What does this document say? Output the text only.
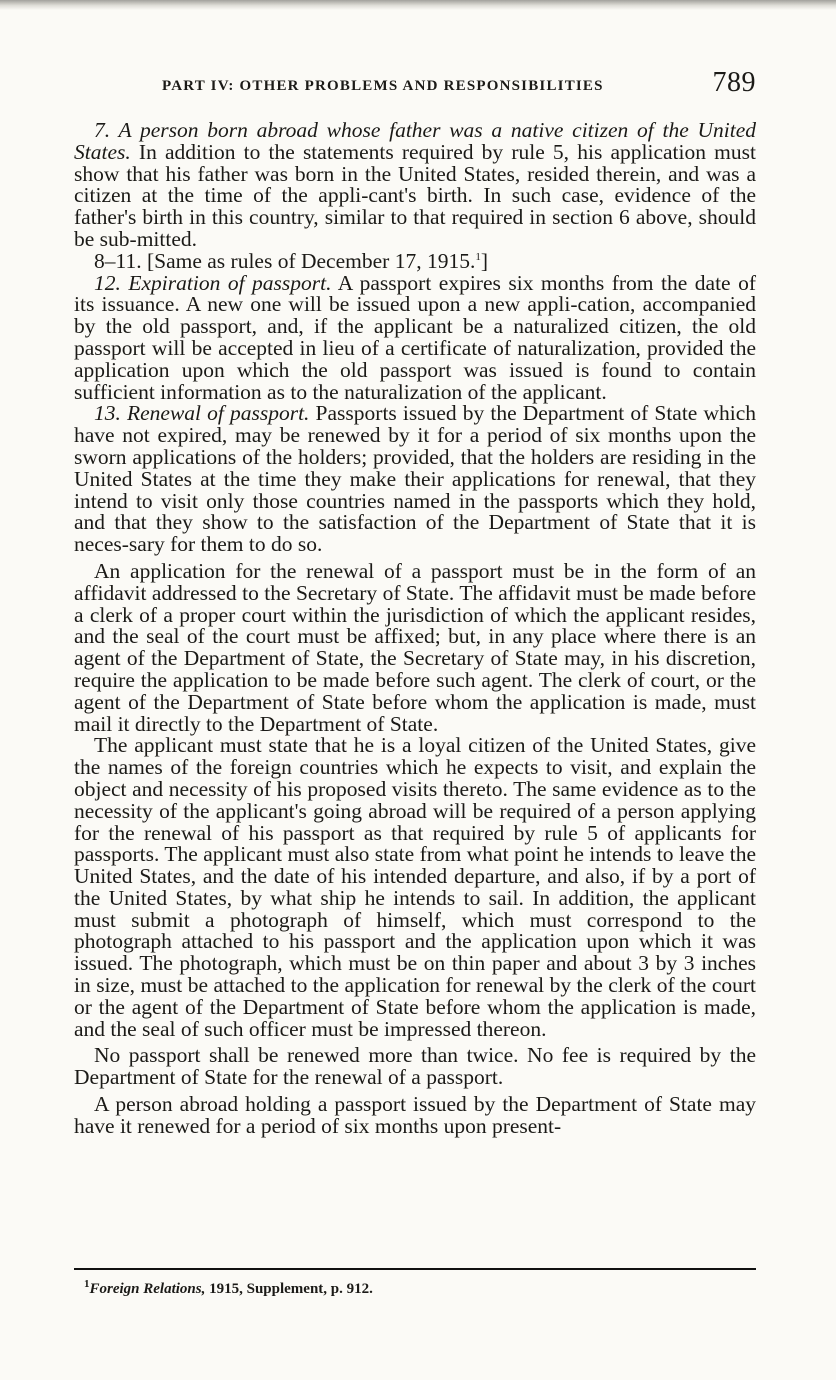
PART IV: OTHER PROBLEMS AND RESPONSIBILITIES	789

7. A person born abroad whose father was a native citizen of the United States. In addition to the statements required by rule 5, his application must show that his father was born in the United States, resided therein, and was a citizen at the time of the appli-cant's birth. In such case, evidence of the father's birth in this country, similar to that required in section 6 above, should be sub-mitted.

8–11. [Same as rules of December 17, 1915.$^1$]

12. Expiration of passport. A passport expires six months from the date of its issuance. A new one will be issued upon a new appli-cation, accompanied by the old passport, and, if the applicant be a naturalized citizen, the old passport will be accepted in lieu of a certificate of naturalization, provided the application upon which the old passport was issued is found to contain sufficient information as to the naturalization of the applicant.

13. Renewal of passport. Passports issued by the Department of State which have not expired, may be renewed by it for a period of six months upon the sworn applications of the holders; provided, that the holders are residing in the United States at the time they make their applications for renewal, that they intend to visit only those countries named in the passports which they hold, and that they show to the satisfaction of the Department of State that it is neces-sary for them to do so.

An application for the renewal of a passport must be in the form of an affidavit addressed to the Secretary of State. The affidavit must be made before a clerk of a proper court within the jurisdiction of which the applicant resides, and the seal of the court must be affixed; but, in any place where there is an agent of the Department of State, the Secretary of State may, in his discretion, require the application to be made before such agent. The clerk of court, or the agent of the Department of State before whom the application is made, must mail it directly to the Department of State.

The applicant must state that he is a loyal citizen of the United States, give the names of the foreign countries which he expects to visit, and explain the object and necessity of his proposed visits thereto. The same evidence as to the necessity of the applicant's going abroad will be required of a person applying for the renewal of his passport as that required by rule 5 of applicants for passports. The applicant must also state from what point he intends to leave the United States, and the date of his intended departure, and also, if by a port of the United States, by what ship he intends to sail. In addition, the applicant must submit a photograph of himself, which must correspond to the photograph attached to his passport and the application upon which it was issued. The photograph, which must be on thin paper and about 3 by 3 inches in size, must be attached to the application for renewal by the clerk of the court or the agent of the Department of State before whom the application is made, and the seal of such officer must be impressed thereon.

No passport shall be renewed more than twice. No fee is required by the Department of State for the renewal of a passport.

A person abroad holding a passport issued by the Department of State may have it renewed for a period of six months upon present-

$^1$Foreign Relations, 1915, Supplement, p. 912.
